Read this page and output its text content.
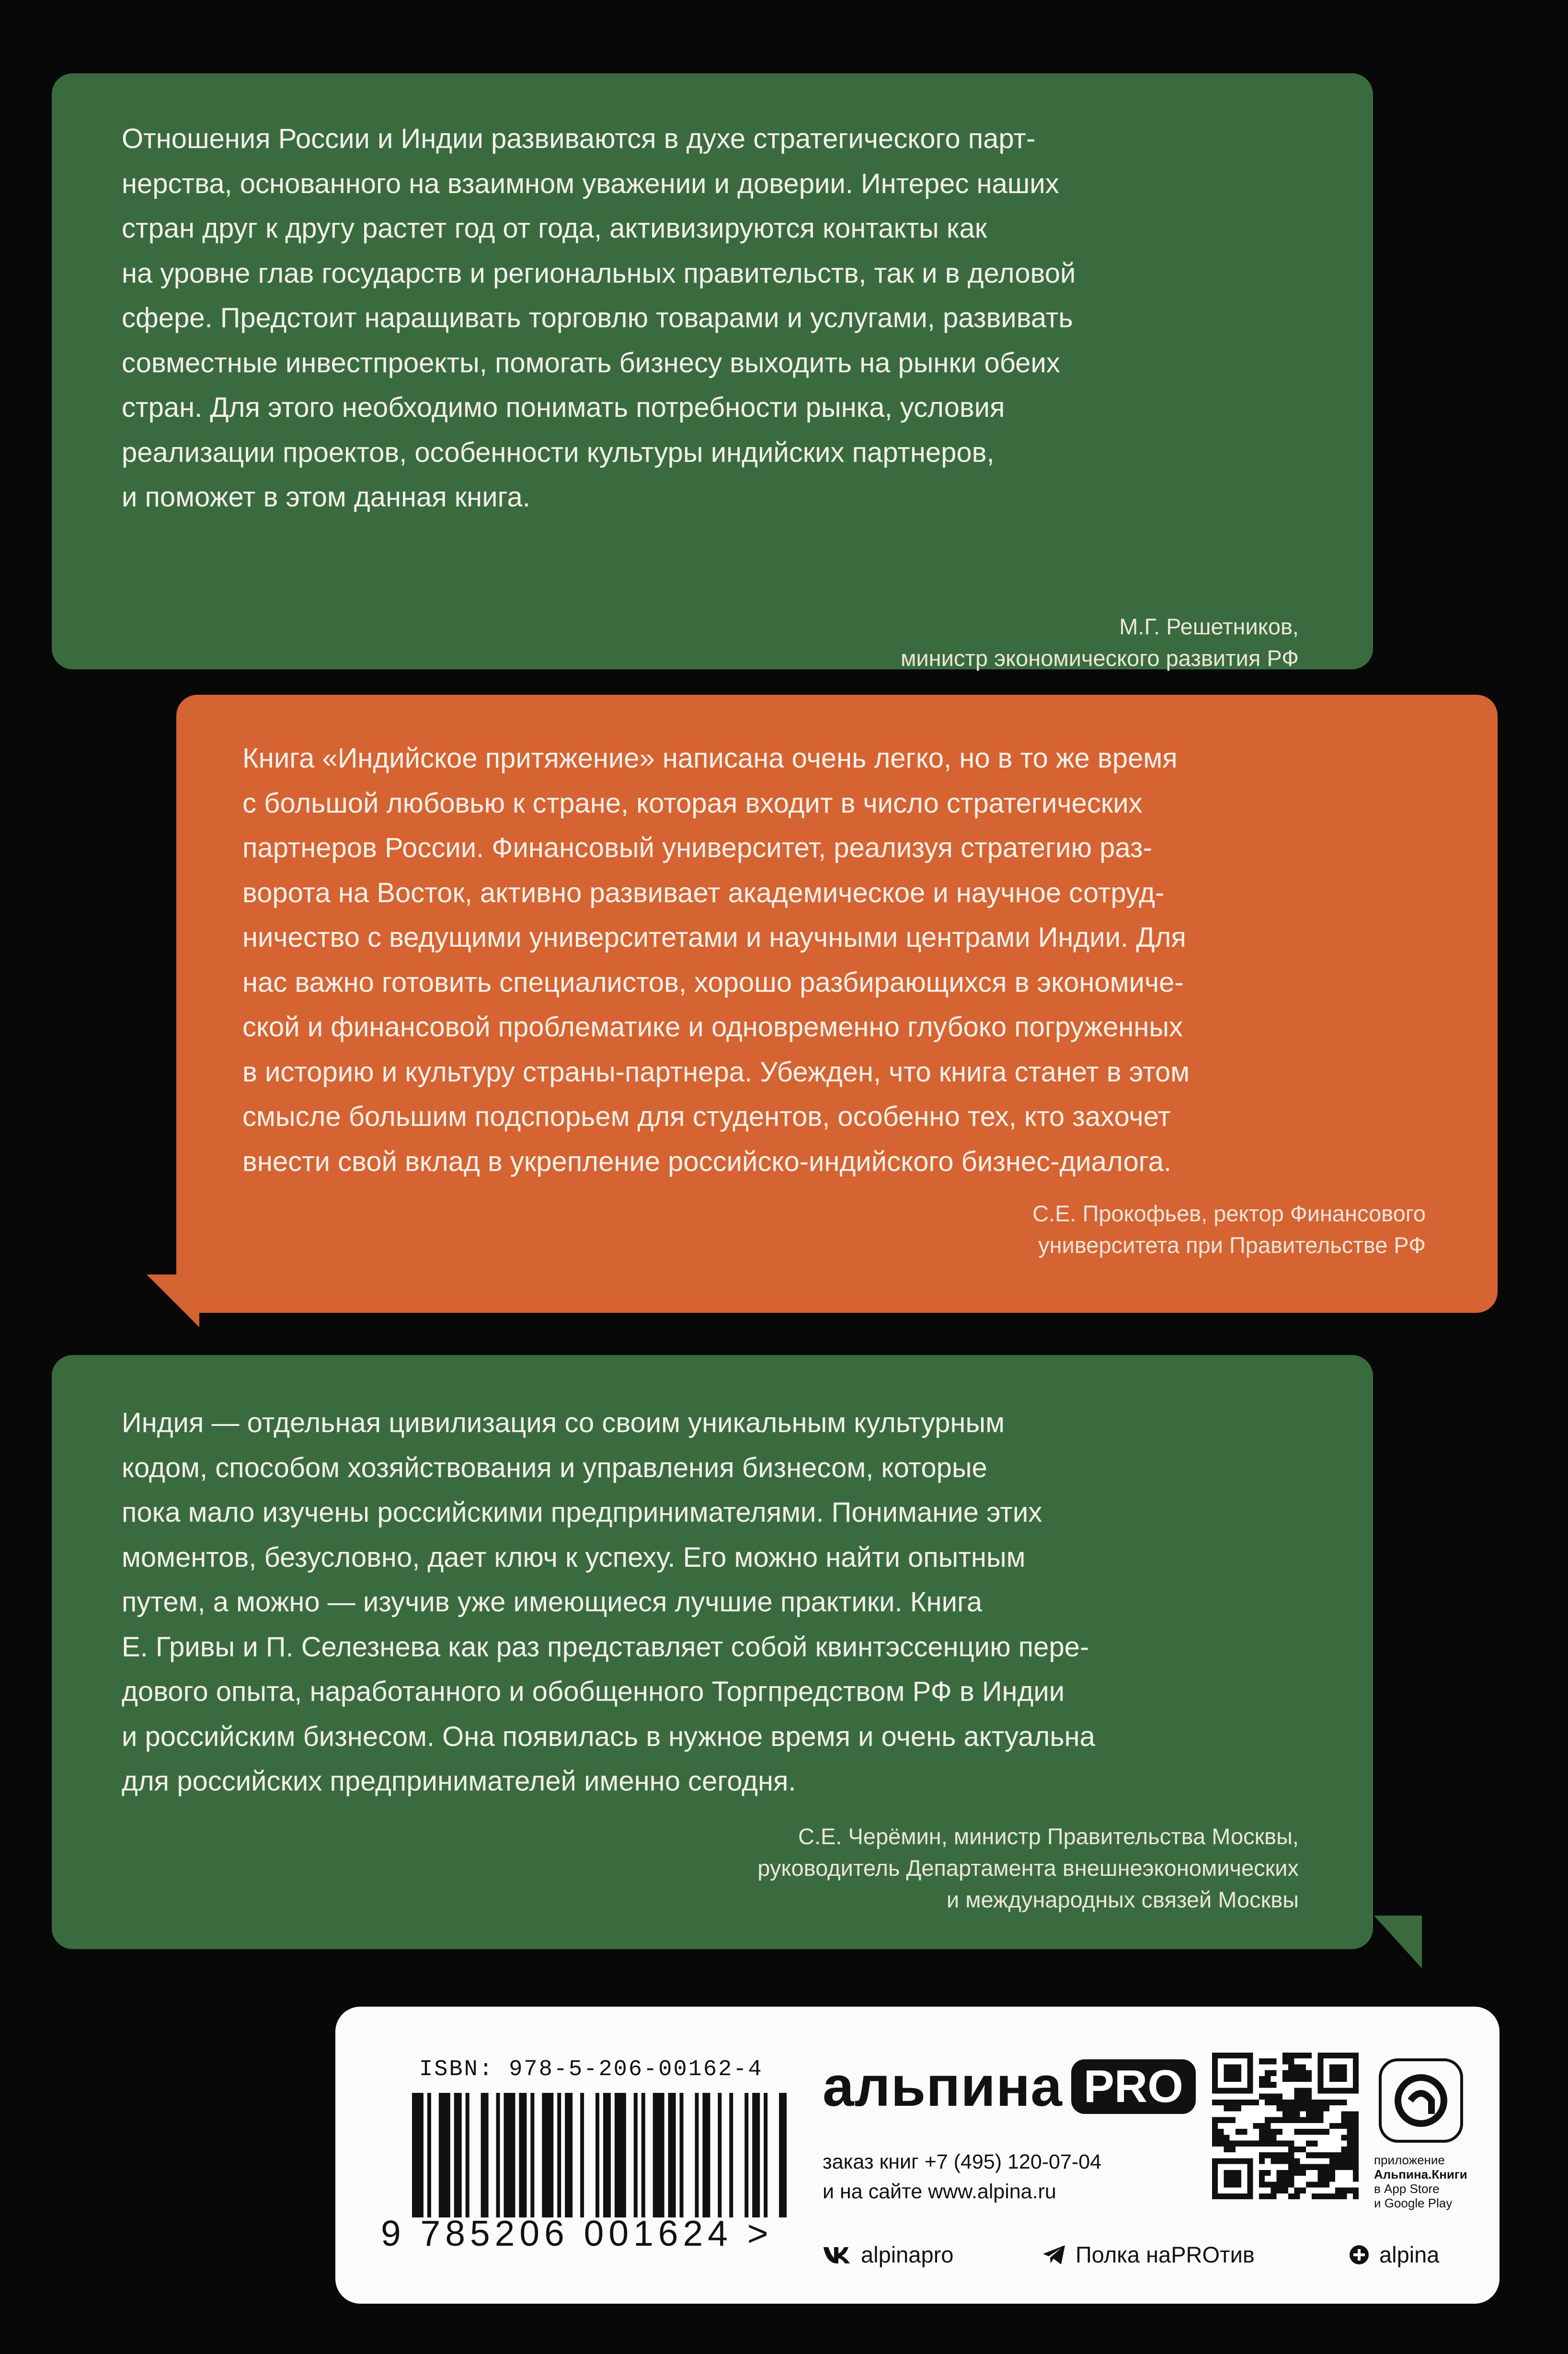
Отношения России и Индии развиваются в духе стратегического парт-
нерства, основанного на взаимном уважении и доверии. Интерес наших
стран друг к другу растет год от года, активизируются контакты как
на уровне глав государств и региональных правительств, так и в деловой
сфере. Предстоит наращивать торговлю товарами и услугами, развивать
совместные инвестпроекты, помогать бизнесу выходить на рынки обеих
стран. Для этого необходимо понимать потребности рынка, условия
реализации проектов, особенности культуры индийских партнеров,
и поможет в этом данная книга.

М.Г. Решетников,
министр экономического развития РФ

Книга «Индийское притяжение» написана очень легко, но в то же время
с большой любовью к стране, которая входит в число стратегических
партнеров России. Финансовый университет, реализуя стратегию раз-
ворота на Восток, активно развивает академическое и научное сотруд-
ничество с ведущими университетами и научными центрами Индии. Для
нас важно готовить специалистов, хорошо разбирающихся в экономиче-
ской и финансовой проблематике и одновременно глубоко погруженных
в историю и культуру страны-партнера. Убежден, что книга станет в этом
смысле большим подспорьем для студентов, особенно тех, кто захочет
внести свой вклад в укрепление российско-индийского бизнес-диалога.

С.Е. Прокофьев, ректор Финансового
университета при Правительстве РФ

Индия — отдельная цивилизация со своим уникальным культурным
кодом, способом хозяйствования и управления бизнесом, которые
пока мало изучены российскими предпринимателями. Понимание этих
моментов, безусловно, дает ключ к успеху. Его можно найти опытным
путем, а можно — изучив уже имеющиеся лучшие практики. Книга
Е. Гривы и П. Селезнева как раз представляет собой квинтэссенцию пере-
дового опыта, наработанного и обобщенного Торгпредством РФ в Индии
и российским бизнесом. Она появилась в нужное время и очень актуальна
для российских предпринимателей именно сегодня.

С.Е. Черёмин, министр Правительства Москвы,
руководитель Департамента внешнеэкономических
и международных связей Москвы
ISBN: 978-5-206-00162-4
9 785206 001624 >
альпина PRO
заказ книг +7 (495) 120-07-04
и на сайте www.alpina.ru
приложение
Альпина.Книги
в App Store
и Google Play
alpinapro	Полка наPROтив	alpina
